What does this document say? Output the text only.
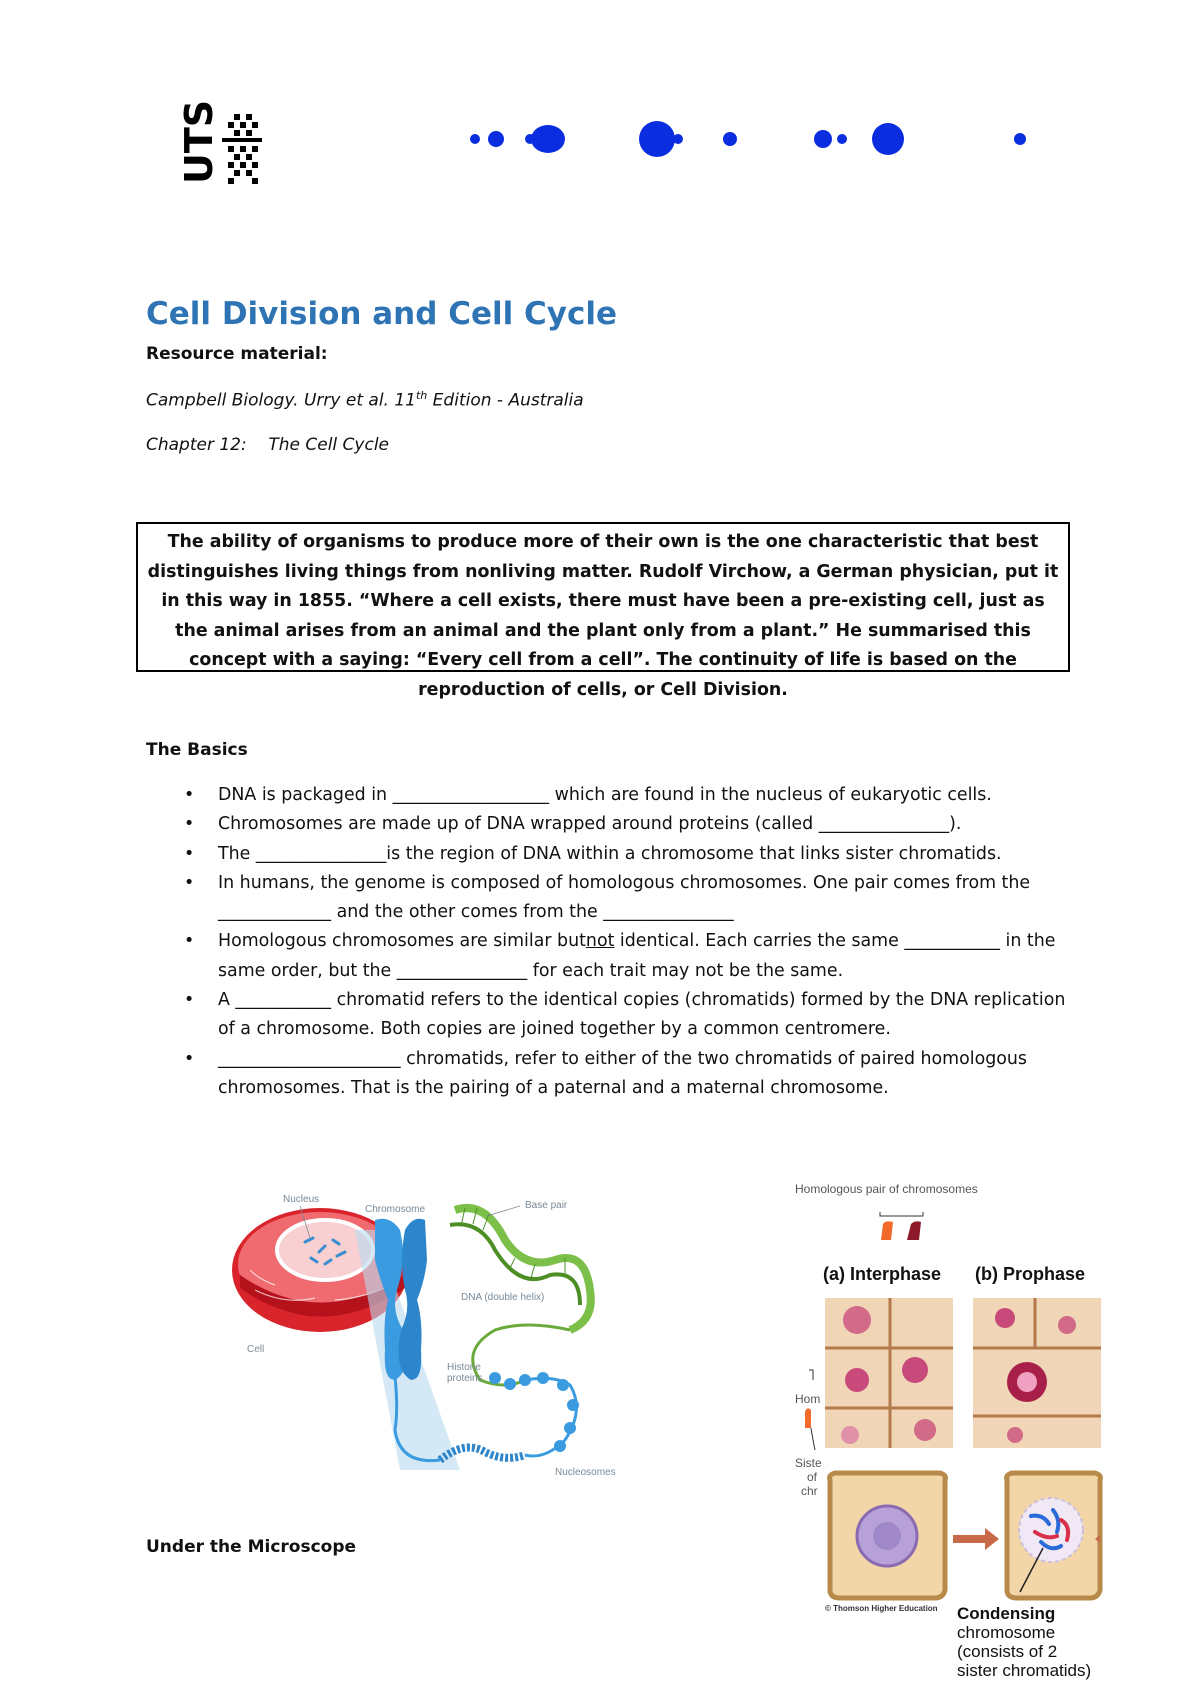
UTS
Cell Division and Cell Cycle
Resource material:
Campbell Biology. Urry et al. 11th Edition - Australia
Chapter 12:    The Cell Cycle
The ability of organisms to produce more of their own is the one characteristic that best distinguishes living things from nonliving matter. Rudolf Virchow, a German physician, put it in this way in 1855. “Where a cell exists, there must have been a pre-existing cell, just as the animal arises from an animal and the plant only from a plant.” He summarised this concept with a saying: “Every cell from a cell”. The continuity of life is based on the reproduction of cells, or Cell Division.
The Basics
• DNA is packaged in __________________ which are found in the nucleus of eukaryotic cells.
• Chromosomes are made up of DNA wrapped around proteins (called _______________).
• The _______________is the region of DNA within a chromosome that links sister chromatids.
• In humans, the genome is composed of homologous chromosomes. One pair comes from the _____________ and the other comes from the _______________
• Homologous chromosomes are similar butnot identical. Each carries the same ___________ in the same order, but the _______________ for each trait may not be the same.
• A ___________ chromatid refers to the identical copies (chromatids) formed by the DNA replication of a chromosome. Both copies are joined together by a common centromere.
• _____________________ chromatids, refer to either of the two chromatids of paired homologous chromosomes. That is the pairing of a paternal and a maternal chromosome.
Nucleus
Cell
Chromosome	Base pair
DNA (double helix)
Histone
proteins
Nucleosomes
Homologous pair of chromosomes
(a) Interphase (b) Prophase
Hom
Siste
of
chr
© Thomson Higher Education Condensing
chromosome
(consists of 2
sister chromatids)
Under the Microscope
